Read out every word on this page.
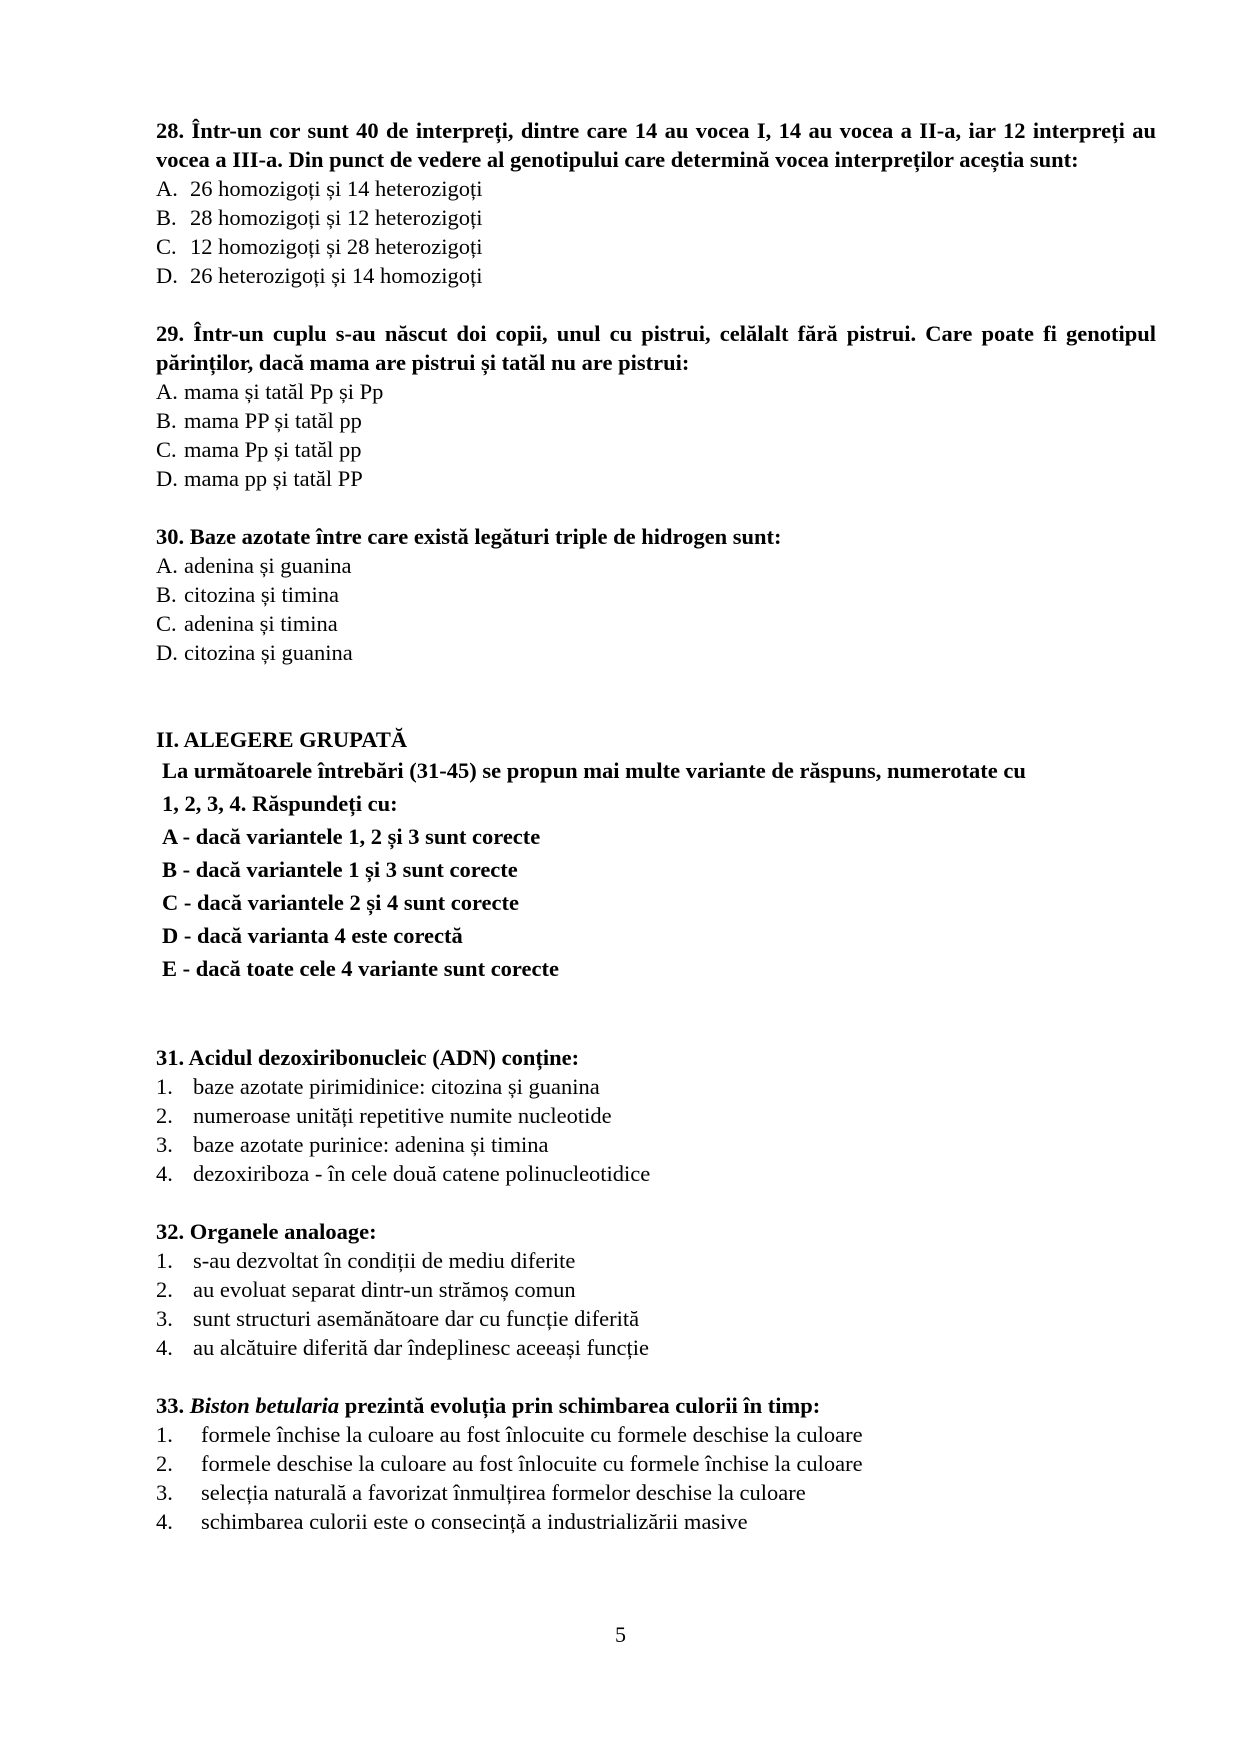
28. Într-un cor sunt 40 de interpreți, dintre care 14 au vocea I, 14 au vocea a II-a, iar 12 interpreți au vocea a III-a. Din punct de vedere al genotipului care determină vocea interpreților aceștia sunt:
A. 26 homozigoți și 14 heterozigoți
B. 28 homozigoți și 12 heterozigoți
C. 12 homozigoți și 28 heterozigoți
D. 26 heterozigoți și 14 homozigoți
29. Într-un cuplu s-au născut doi copii, unul cu pistrui, celălalt fără pistrui. Care poate fi genotipul părinților, dacă mama are pistrui și tatăl nu are pistrui:
A. mama și tatăl Pp și Pp
B. mama PP și tatăl pp
C. mama Pp și tatăl pp
D. mama pp și tatăl PP
30. Baze azotate între care există legături triple de hidrogen sunt:
A. adenina și guanina
B. citozina și timina
C. adenina și timina
D. citozina și guanina
II. ALEGERE GRUPATĂ
La următoarele întrebări (31-45) se propun mai multe variante de răspuns, numerotate cu
1, 2, 3, 4. Răspundeți cu:
A - dacă variantele 1, 2 și 3 sunt corecte
B - dacă variantele 1 și 3 sunt corecte
C - dacă variantele 2 și 4 sunt corecte
D - dacă varianta 4 este corectă
E - dacă toate cele 4 variante sunt corecte
31. Acidul dezoxiribonucleic (ADN) conține:
1. baze azotate pirimidinice: citozina și guanina
2. numeroase unități repetitive numite nucleotide
3. baze azotate purinice: adenina și timina
4. dezoxiriboza - în cele două catene polinucleotidice
32. Organele analoage:
1. s-au dezvoltat în condiții de mediu diferite
2. au evoluat separat dintr-un strămoș comun
3. sunt structuri asemănătoare dar cu funcție diferită
4. au alcătuire diferită dar îndeplinesc aceeași funcție
33. Biston betularia prezintă evoluția prin schimbarea culorii în timp:
1. formele închise la culoare au fost înlocuite cu formele deschise la culoare
2. formele deschise la culoare au fost înlocuite cu formele închise la culoare
3. selecția naturală a favorizat înmulțirea formelor deschise la culoare
4. schimbarea culorii este o consecință a industrializării masive
5
